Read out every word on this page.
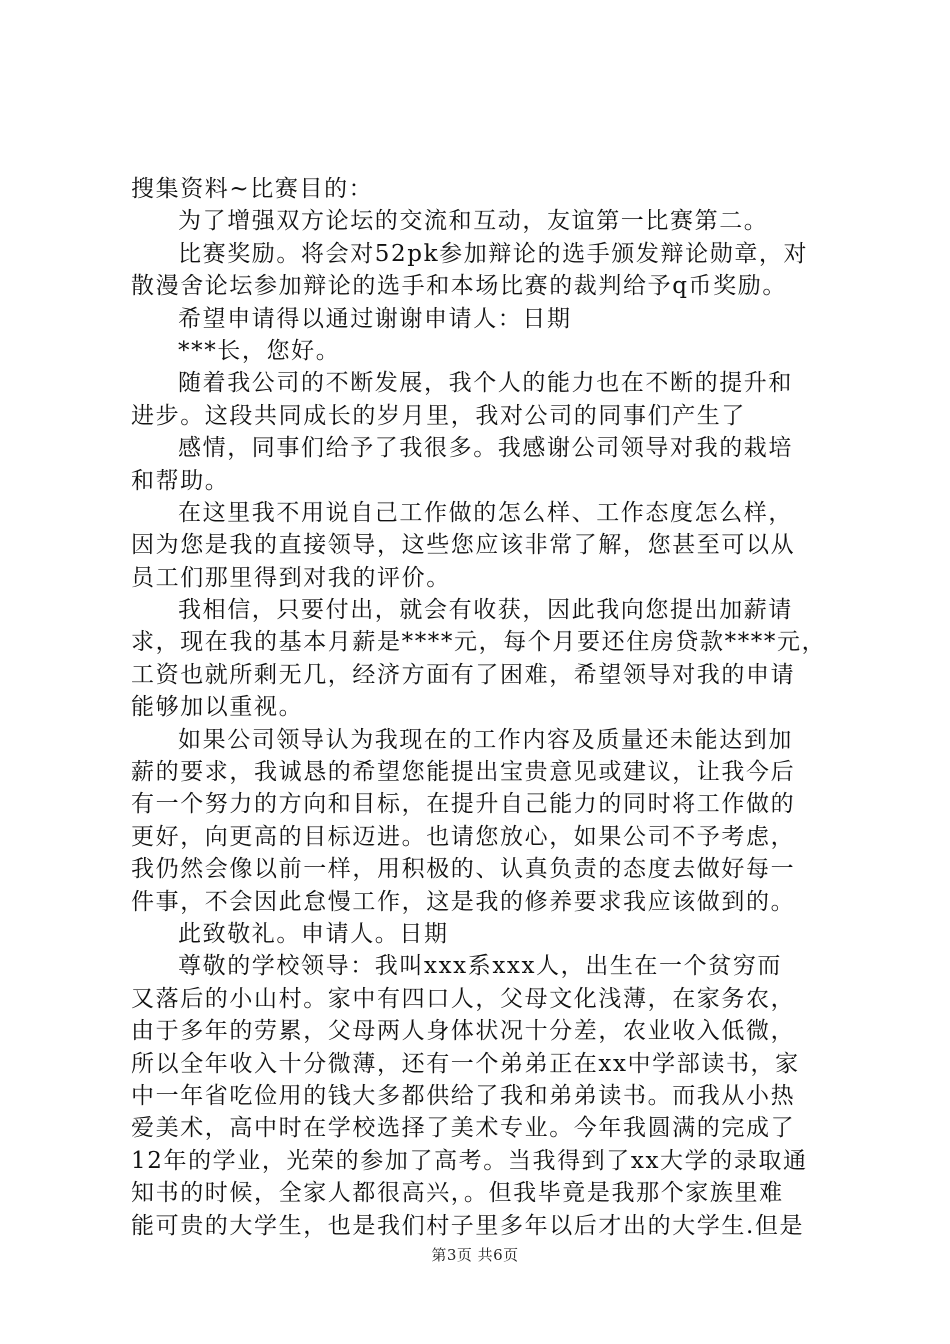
搜集资料~比赛目的：
为了增强双方论坛的交流和互动，友谊第一比赛第二。
比赛奖励。将会对52pk参加辩论的选手颁发辩论勋章，对
散漫舍论坛参加辩论的选手和本场比赛的裁判给予q币奖励。
希望申请得以通过谢谢申请人：日期
***长，您好。
随着我公司的不断发展，我个人的能力也在不断的提升和
进步。这段共同成长的岁月里，我对公司的同事们产生了
感情，同事们给予了我很多。我感谢公司领导对我的栽培
和帮助。
在这里我不用说自己工作做的怎么样、工作态度怎么样，
因为您是我的直接领导，这些您应该非常了解，您甚至可以从
员工们那里得到对我的评价。
我相信，只要付出，就会有收获，因此我向您提出加薪请
求，现在我的基本月薪是****元，每个月要还住房贷款****元，
工资也就所剩无几，经济方面有了困难，希望领导对我的申请
能够加以重视。
如果公司领导认为我现在的工作内容及质量还未能达到加
薪的要求，我诚恳的希望您能提出宝贵意见或建议，让我今后
有一个努力的方向和目标，在提升自己能力的同时将工作做的
更好，向更高的目标迈进。也请您放心，如果公司不予考虑，
我仍然会像以前一样，用积极的、认真负责的态度去做好每一
件事，不会因此怠慢工作，这是我的修养要求我应该做到的。
此致敬礼。申请人。日期
尊敬的学校领导：我叫xxx系xxx人，出生在一个贫穷而
又落后的小山村。家中有四口人，父母文化浅薄，在家务农，
由于多年的劳累，父母两人身体状况十分差，农业收入低微，
所以全年收入十分微薄，还有一个弟弟正在xx中学部读书，家
中一年省吃俭用的钱大多都供给了我和弟弟读书。而我从小热
爱美术，高中时在学校选择了美术专业。今年我圆满的完成了
12年的学业，光荣的参加了高考。当我得到了xx大学的录取通
知书的时候，全家人都很高兴，。但我毕竟是我那个家族里难
能可贵的大学生，也是我们村子里多年以后才出的大学生.但是
第3页 共6页
